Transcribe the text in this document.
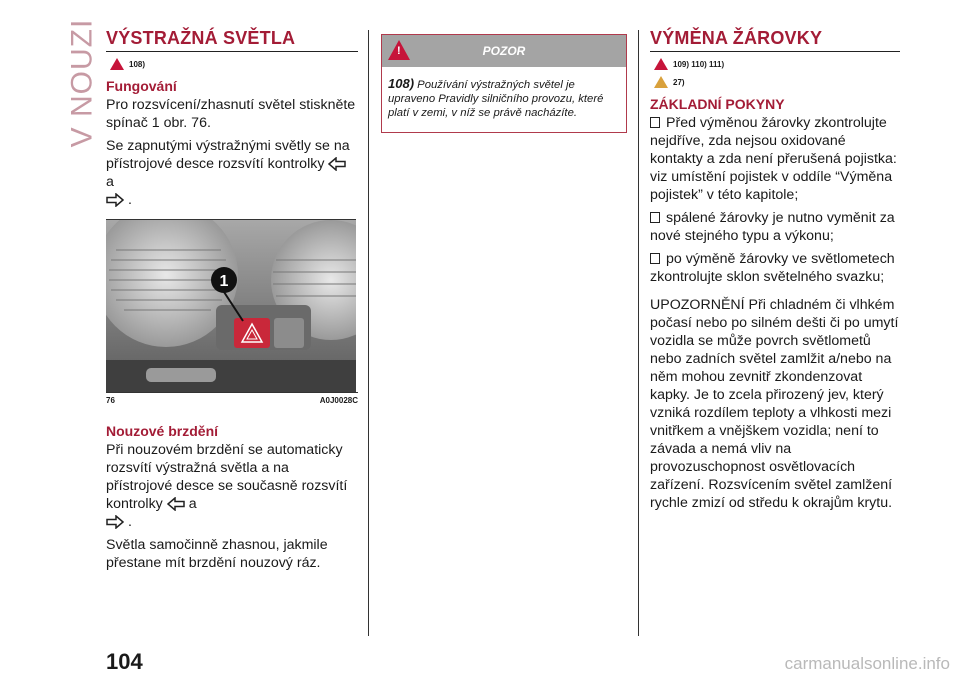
V NOUZI VÝSTRAŽNÁ SVĚTLA
108)
Fungování

Pro rozsvícení/zhasnutí světel stiskněte spínač 1 obr. 76.

Se zapnutými výstražnými světly se na přístrojové desce rozsvítí kontrolky  a
.

1
76	A0J0028C
Nouzové brzdění

Při nouzovém brzdění se automaticky rozsvítí výstražná světla a na přístrojové desce se současně rozsvítí kontrolky a
.

Světla samočinně zhasnou, jakmile přestane mít brzdění nouzový ráz.

!	POZOR
108) Používání výstražných světel je upraveno Pravidly silničního provozu, které platí v zemi, v níž se právě nacházíte.
VÝMĚNA ŽÁROVKY
109) 110) 111)
27)
ZÁKLADNÍ POKYNY

Před výměnou žárovky zkontrolujte nejdříve, zda nejsou oxidované kontakty a zda není přerušená pojistka: viz umístění pojistek v oddíle “Výměna pojistek” v této kapitole;

spálené žárovky je nutno vyměnit za nové stejného typu a výkonu;

po výměně žárovky ve světlometech zkontrolujte sklon světelného svazku;

UPOZORNĚNÍ Při chladném či vlhkém počasí nebo po silném dešti či po umytí vozidla se může povrch světlometů nebo zadních světel zamlžit a/nebo na něm mohou zevnitř zkondenzovat kapky. Je to zcela přirozený jev, který vzniká rozdílem teploty a vlhkosti mezi vnitřkem a vnějškem vozidla; není to závada a nemá vliv na provozuschopnost osvětlovacích zařízení. Rozsvícením světel zamlžení rychle zmizí od středu k okrajům krytu.

104	carmanualsonline.info
